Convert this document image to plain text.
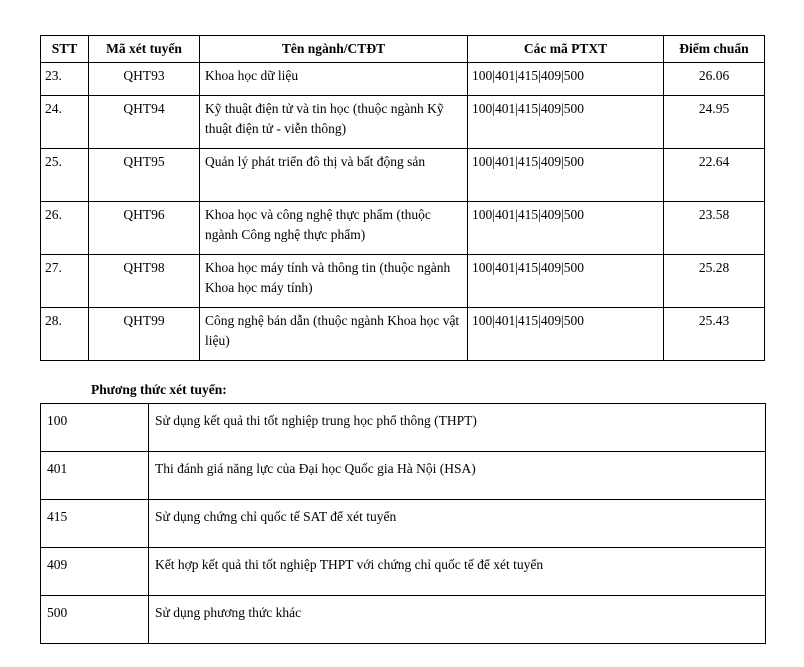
STT	Mã xét tuyển	Tên ngành/CTĐT	Các mã PTXT	Điểm chuẩn
23.	QHT93	Khoa học dữ liệu	100|401|415|409|500	26.06
24.	QHT94	Kỹ thuật điện tử và tin học (thuộc ngành Kỹ thuật điện tử - viễn thông)	100|401|415|409|500	24.95
25.	QHT95	Quản lý phát triển đô thị và bất động sản	100|401|415|409|500	22.64
26.	QHT96	Khoa học và công nghệ thực phẩm (thuộc ngành Công nghệ thực phẩm)	100|401|415|409|500	23.58
27.	QHT98	Khoa học máy tính và thông tin (thuộc ngành Khoa học máy tính)	100|401|415|409|500	25.28
28.	QHT99	Công nghệ bán dẫn (thuộc ngành Khoa học vật liệu)	100|401|415|409|500	25.43
Phương thức xét tuyển:
100	Sử dụng kết quả thi tốt nghiệp trung học phổ thông (THPT)
401	Thi đánh giá năng lực của Đại học Quốc gia Hà Nội (HSA)
415	Sử dụng chứng chỉ quốc tế SAT để xét tuyển
409	Kết hợp kết quả thi tốt nghiệp THPT với chứng chỉ quốc tế để xét tuyển
500	Sử dụng phương thức khác
